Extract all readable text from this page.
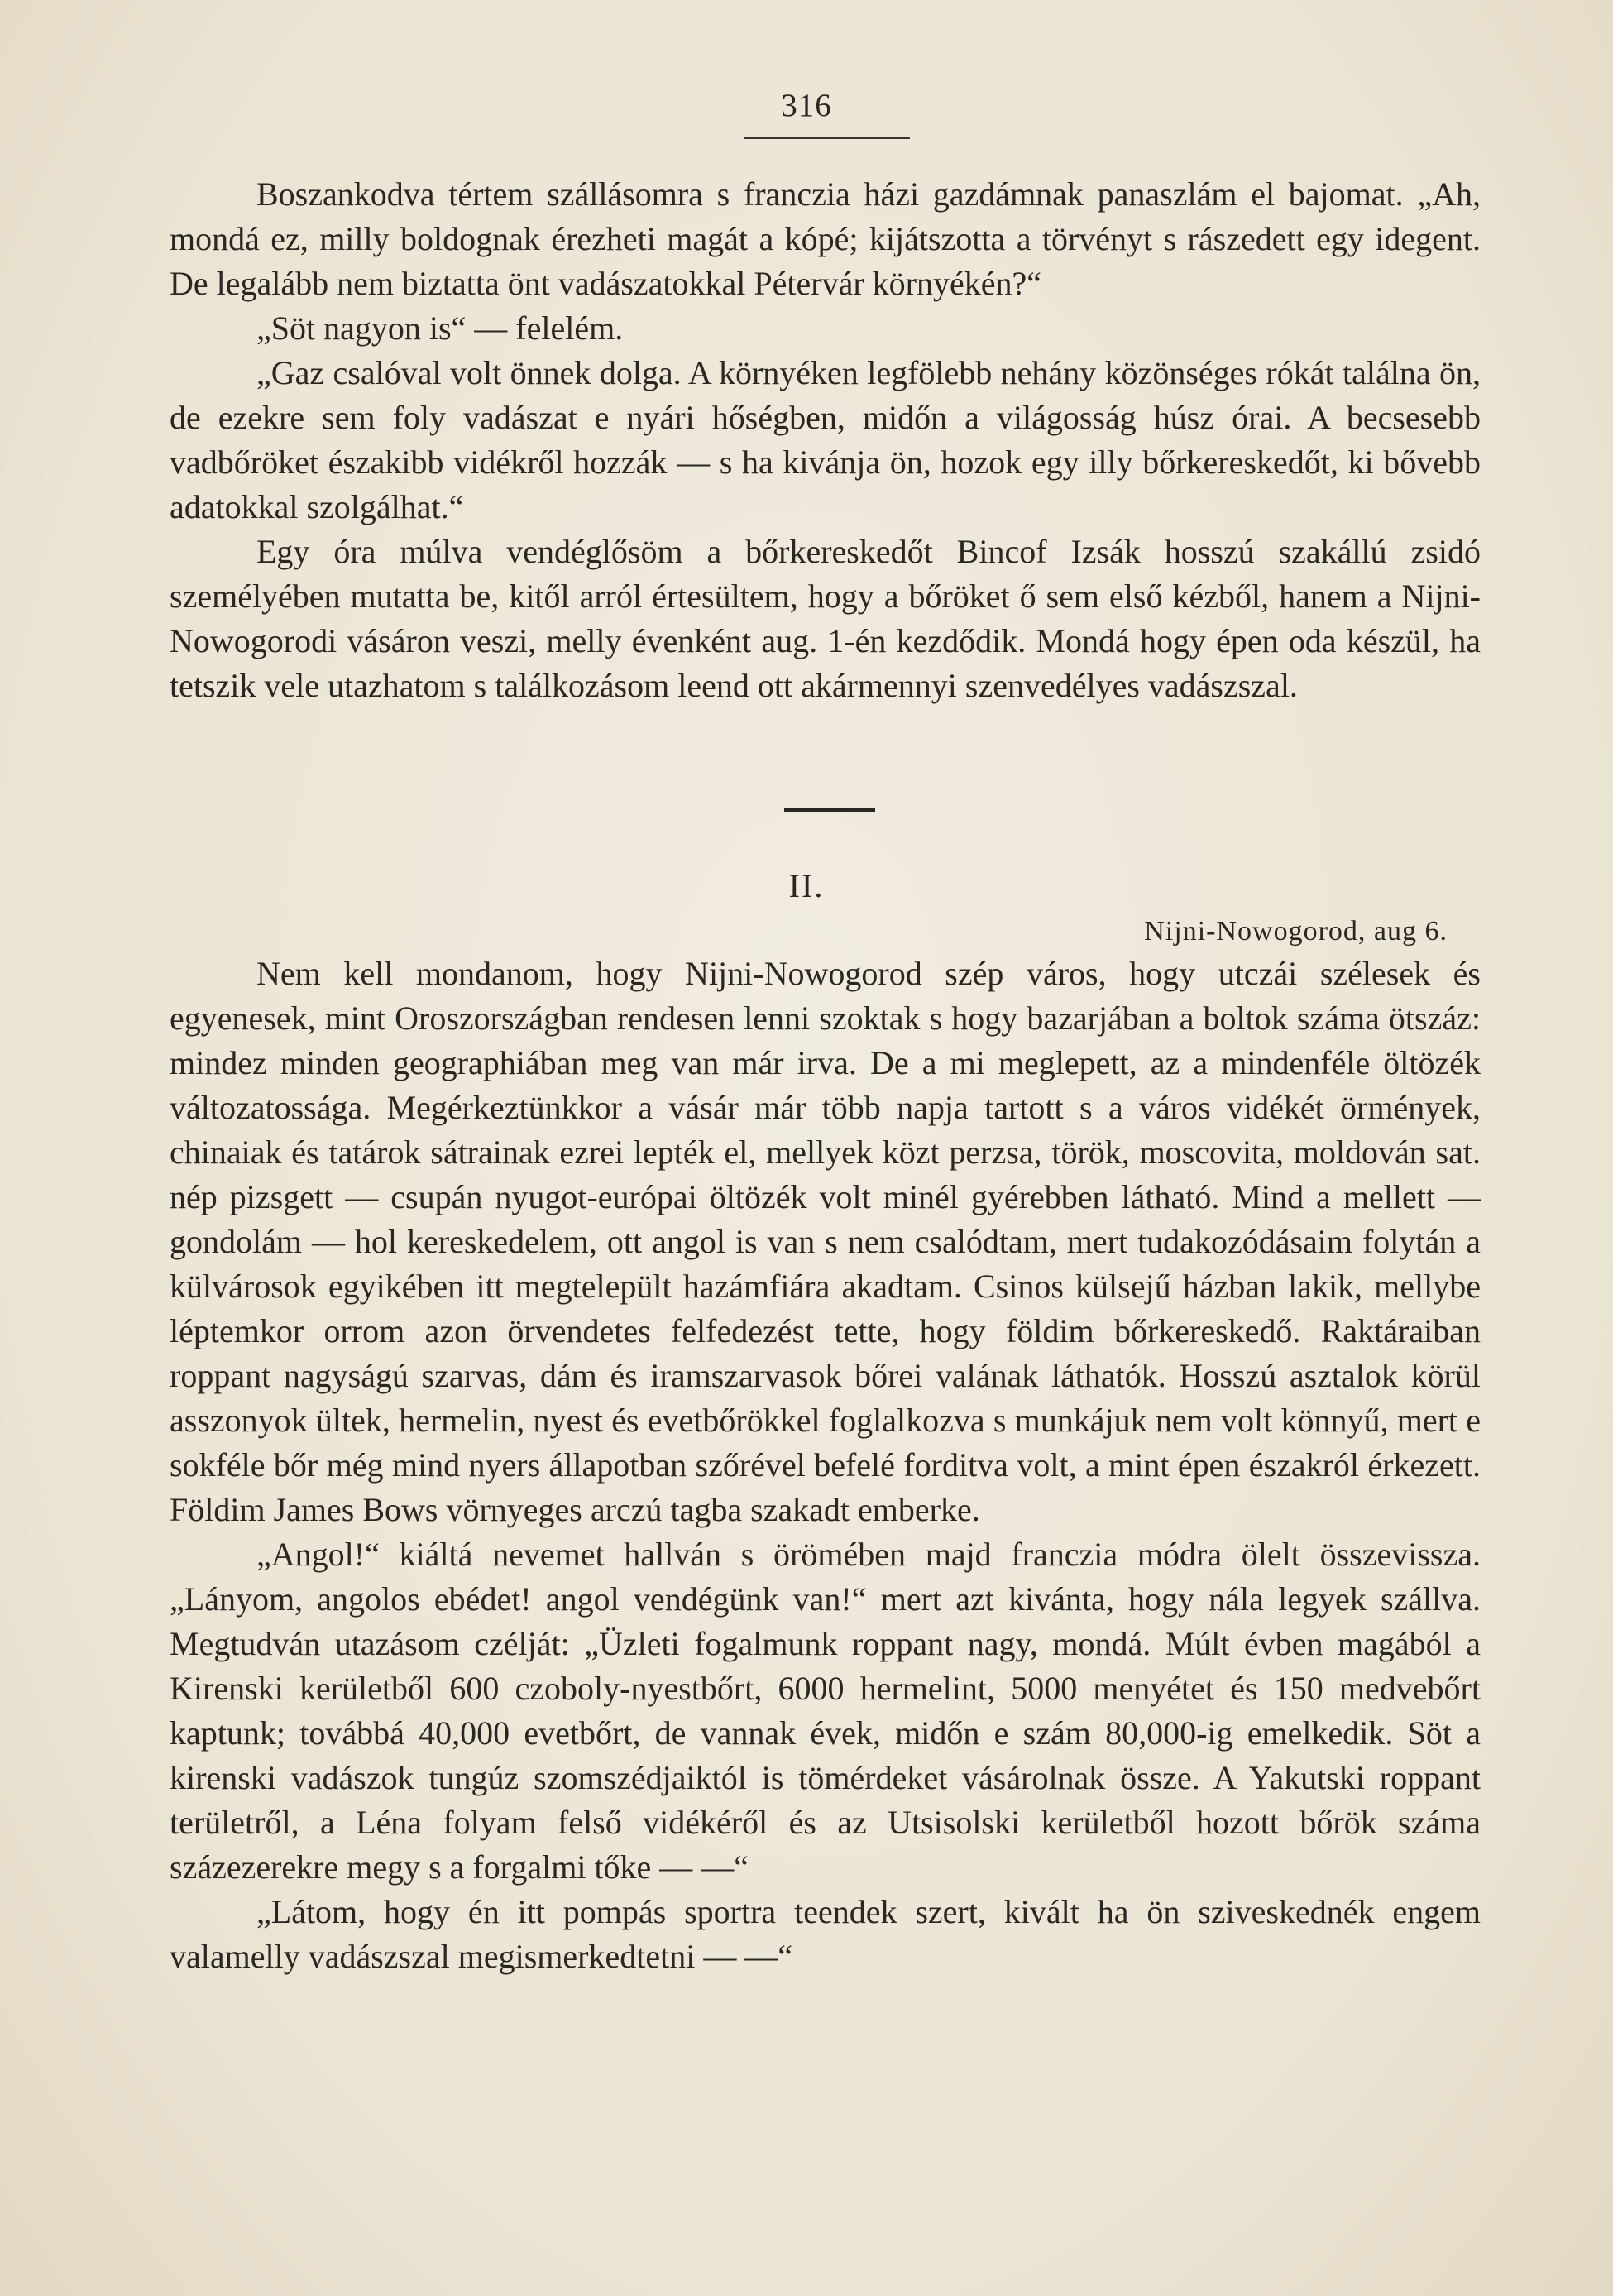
316

Boszankodva tértem szállásomra s franczia házi gazdámnak panaszlám el bajomat. „Ah, mondá ez, milly boldognak érezheti magát a kópé; kijátszotta a törvényt s rászedett egy idegent. De legalább nem biztatta önt vadászatokkal Pétervár környékén?“

„Söt nagyon is“ — felelém.

„Gaz csalóval volt önnek dolga. A környéken legfölebb nehány közönséges rókát találna ön, de ezekre sem foly vadászat e nyári hőségben, midőn a világosság húsz órai. A becsesebb vadbőröket északibb vidékről hozzák — s ha kivánja ön, hozok egy illy bőrkereskedőt, ki bővebb adatokkal szolgálhat.“

Egy óra múlva vendéglősöm a bőrkereskedőt Bincof Izsák hosszú szakállú zsidó személyében mutatta be, kitől arról értesültem, hogy a bőröket ő sem első kézből, hanem a Nijni-Nowogorodi vásáron veszi, melly évenként aug. 1-én kezdődik. Mondá hogy épen oda készül, ha tetszik vele utazhatom s találkozásom leend ott akármennyi szenvedélyes vadászszal.

II.
Nijni-Nowogorod, aug 6.

Nem kell mondanom, hogy Nijni-Nowogorod szép város, hogy utczái szélesek és egyenesek, mint Oroszországban rendesen lenni szoktak s hogy bazarjában a boltok száma ötszáz: mindez minden geographiában meg van már irva. De a mi meglepett, az a mindenféle öltözék változatossága. Megérkeztünkkor a vásár már több napja tartott s a város vidékét örmények, chinaiak és tatárok sátrainak ezrei lepték el, mellyek közt perzsa, török, moscovita, moldován sat. nép pizsgett — csupán nyugot-európai öltözék volt minél gyérebben látható. Mind a mellett — gondolám — hol kereskedelem, ott angol is van s nem csalódtam, mert tudakozódásaim folytán a külvárosok egyikében itt megtelepült hazámfiára akadtam. Csinos külsejű házban lakik, mellybe léptemkor orrom azon örvendetes felfedezést tette, hogy földim bőrkereskedő. Raktáraiban roppant nagyságú szarvas, dám és iramszarvasok bőrei valának láthatók. Hosszú asztalok körül asszonyok ültek, hermelin, nyest és evetbőrökkel foglalkozva s munkájuk nem volt könnyű, mert e sokféle bőr még mind nyers állapotban szőrével befelé forditva volt, a mint épen északról érkezett. Földim James Bows vörnyeges arczú tagba szakadt emberke.

„Angol!“ kiáltá nevemet hallván s örömében majd franczia módra ölelt összevissza. „Lányom, angolos ebédet! angol vendégünk van!“ mert azt kivánta, hogy nála legyek szállva. Megtudván utazásom czélját: „Üzleti fogalmunk roppant nagy, mondá. Múlt évben magából a Kirenski kerületből 600 czoboly-nyestbőrt, 6000 hermelint, 5000 menyétet és 150 medvebőrt kaptunk; továbbá 40,000 evetbőrt, de vannak évek, midőn e szám 80,000-ig emelkedik. Söt a kirenski vadászok tungúz szomszédjaiktól is tömérdeket vásárolnak össze. A Yakutski roppant területről, a Léna folyam felső vidékéről és az Utsisolski kerületből hozott bőrök száma százezerekre megy s a forgalmi tőke — —“

„Látom, hogy én itt pompás sportra teendek szert, kivált ha ön sziveskednék engem valamelly vadászszal megismerkedtetni — —“
